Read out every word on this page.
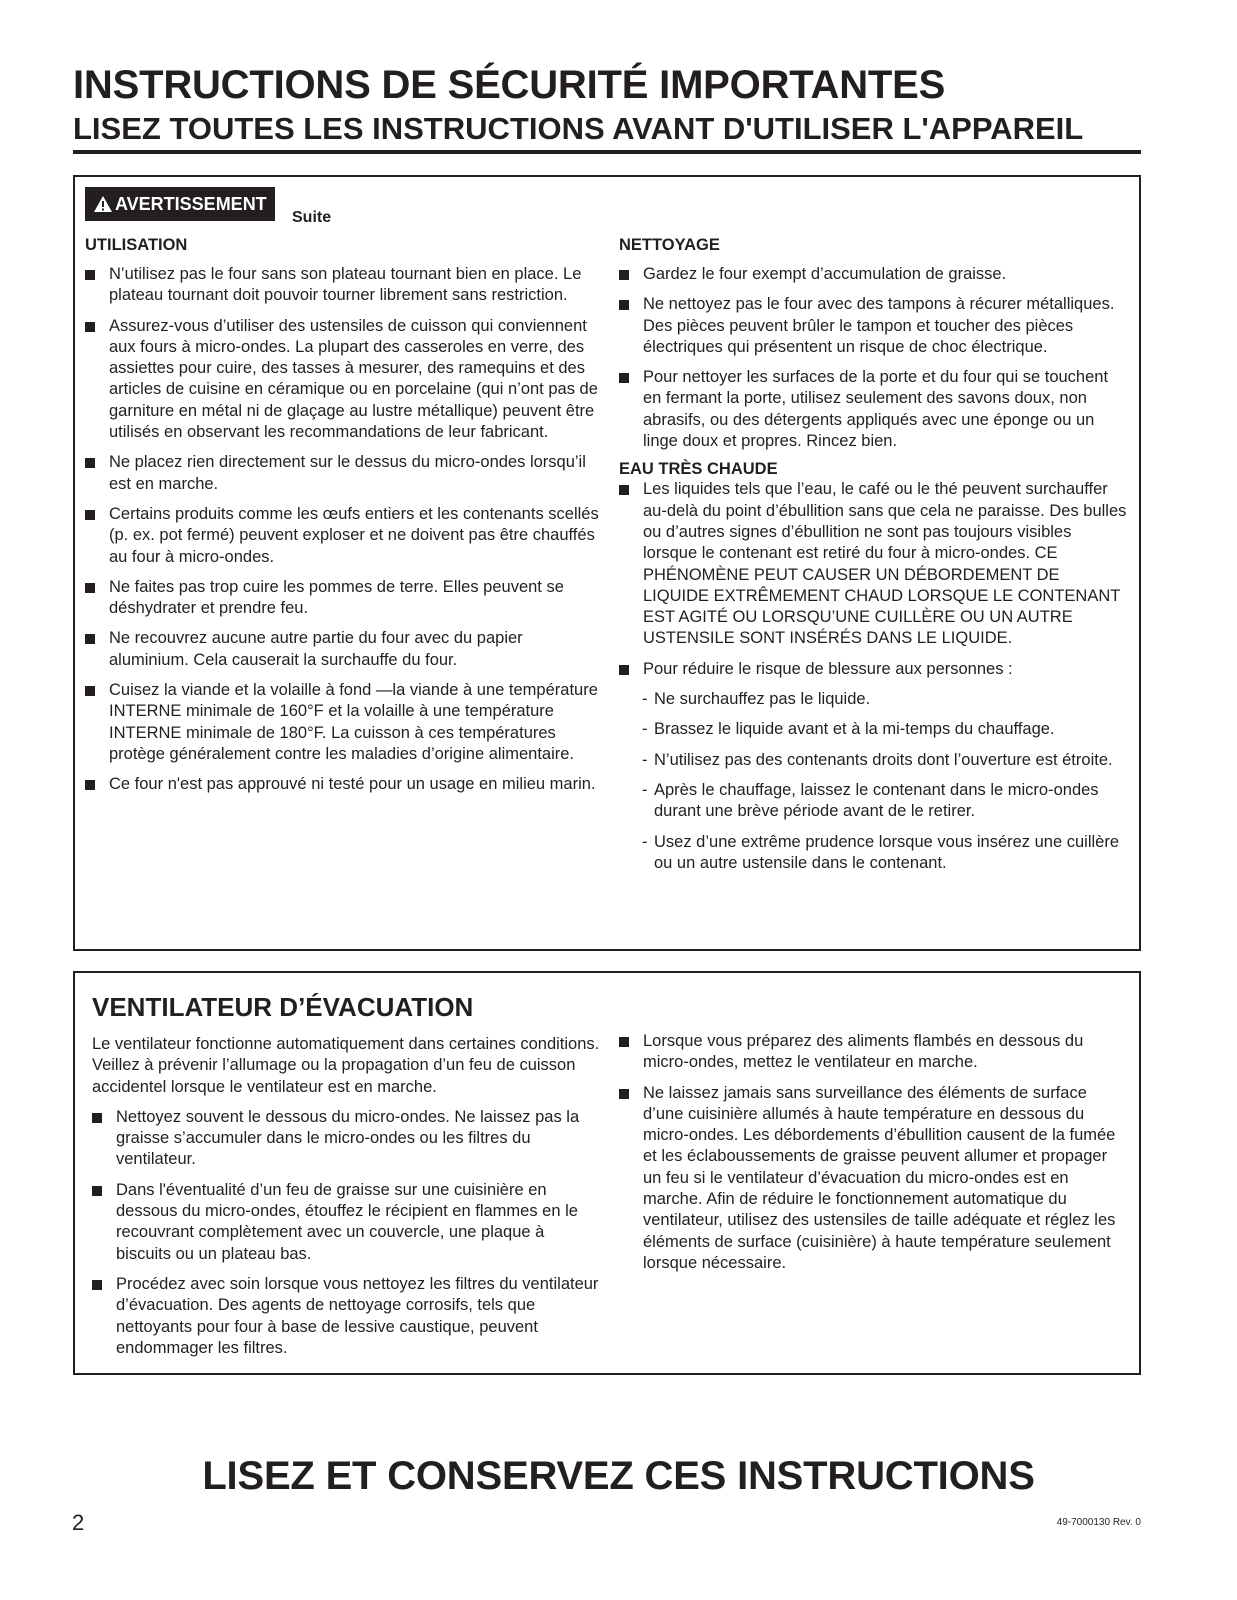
INSTRUCTIONS DE SÉCURITÉ IMPORTANTES
LISEZ TOUTES LES INSTRUCTIONS AVANT D'UTILISER L'APPAREIL
AVERTISSEMENT
Suite

UTILISATION

N’utilisez pas le four sans son plateau tournant bien en place. Le plateau tournant doit pouvoir tourner librement sans restriction.
Assurez-vous d’utiliser des ustensiles de cuisson qui conviennent aux fours à micro-ondes. La plupart des casseroles en verre, des assiettes pour cuire, des tasses à mesurer, des ramequins et des articles de cuisine en céramique ou en porcelaine (qui n’ont pas de garniture en métal ni de glaçage au lustre métallique) peuvent être utilisés en observant les recommandations de leur fabricant.
Ne placez rien directement sur le dessus du micro-ondes lorsqu’il est en marche.
Certains produits comme les œufs entiers et les contenants scellés (p. ex. pot fermé) peuvent exploser et ne doivent pas être chauffés au four à micro-ondes.
Ne faites pas trop cuire les pommes de terre. Elles peuvent se déshydrater et prendre feu.
Ne recouvrez aucune autre partie du four avec du papier aluminium. Cela causerait la surchauffe du four.
Cuisez la viande et la volaille à fond —la viande à une température INTERNE minimale de 160°F et la volaille à une température INTERNE minimale de 180°F. La cuisson à ces températures protège généralement contre les maladies d’origine alimentaire.
Ce four n'est pas approuvé ni testé pour un usage en milieu marin.

NETTOYAGE

Gardez le four exempt d’accumulation de graisse.
Ne nettoyez pas le four avec des tampons à récurer métalliques. Des pièces peuvent brûler le tampon et toucher des pièces électriques qui présentent un risque de choc électrique.
Pour nettoyer les surfaces de la porte et du four qui se touchent en fermant la porte, utilisez seulement des savons doux, non abrasifs, ou des détergents appliqués avec une éponge ou un linge doux et propres. Rincez bien.

EAU TRÈS CHAUDE

Les liquides tels que l’eau, le café ou le thé peuvent surchauffer au-delà du point d’ébullition sans que cela ne paraisse. Des bulles ou d’autres signes d’ébullition ne sont pas toujours visibles lorsque le contenant est retiré du four à micro-ondes. CE PHÉNOMÈNE PEUT CAUSER UN DÉBORDEMENT DE LIQUIDE EXTRÊMEMENT CHAUD LORSQUE LE CONTENANT EST AGITÉ OU LORSQU’UNE CUILLÈRE OU UN AUTRE USTENSILE SONT INSÉRÉS DANS LE LIQUIDE.
Pour réduire le risque de blessure aux personnes :
- Ne surchauffez pas le liquide.
- Brassez le liquide avant et à la mi-temps du chauffage.
- N’utilisez pas des contenants droits dont l’ouverture est étroite.
- Après le chauffage, laissez le contenant dans le micro-ondes durant une brève période avant de le retirer.
- Usez d’une extrême prudence lorsque vous insérez une cuillère ou un autre ustensile dans le contenant.
VENTILATEUR D’ÉVACUATION

Le ventilateur fonctionne automatiquement dans certaines conditions. Veillez à prévenir l’allumage ou la propagation d’un feu de cuisson accidentel lorsque le ventilateur est en marche.

Nettoyez souvent le dessous du micro-ondes. Ne laissez pas la graisse s’accumuler dans le micro-ondes ou les filtres du ventilateur.
Dans l'éventualité d’un feu de graisse sur une cuisinière en dessous du micro-ondes, étouffez le récipient en flammes en le recouvrant complètement avec un couvercle, une plaque à biscuits ou un plateau bas.
Procédez avec soin lorsque vous nettoyez les filtres du ventilateur d’évacuation. Des agents de nettoyage corrosifs, tels que nettoyants pour four à base de lessive caustique, peuvent endommager les filtres.
Lorsque vous préparez des aliments flambés en dessous du micro-ondes, mettez le ventilateur en marche.
Ne laissez jamais sans surveillance des éléments de surface d’une cuisinière allumés à haute température en dessous du micro-ondes. Les débordements d’ébullition causent de la fumée et les éclaboussements de graisse peuvent allumer et propager un feu si le ventilateur d’évacuation du micro-ondes est en marche. Afin de réduire le fonctionnement automatique du ventilateur, utilisez des ustensiles de taille adéquate et réglez les éléments de surface (cuisinière) à haute température seulement lorsque nécessaire.
LISEZ ET CONSERVEZ CES INSTRUCTIONS
2	49-7000130 Rev. 0
